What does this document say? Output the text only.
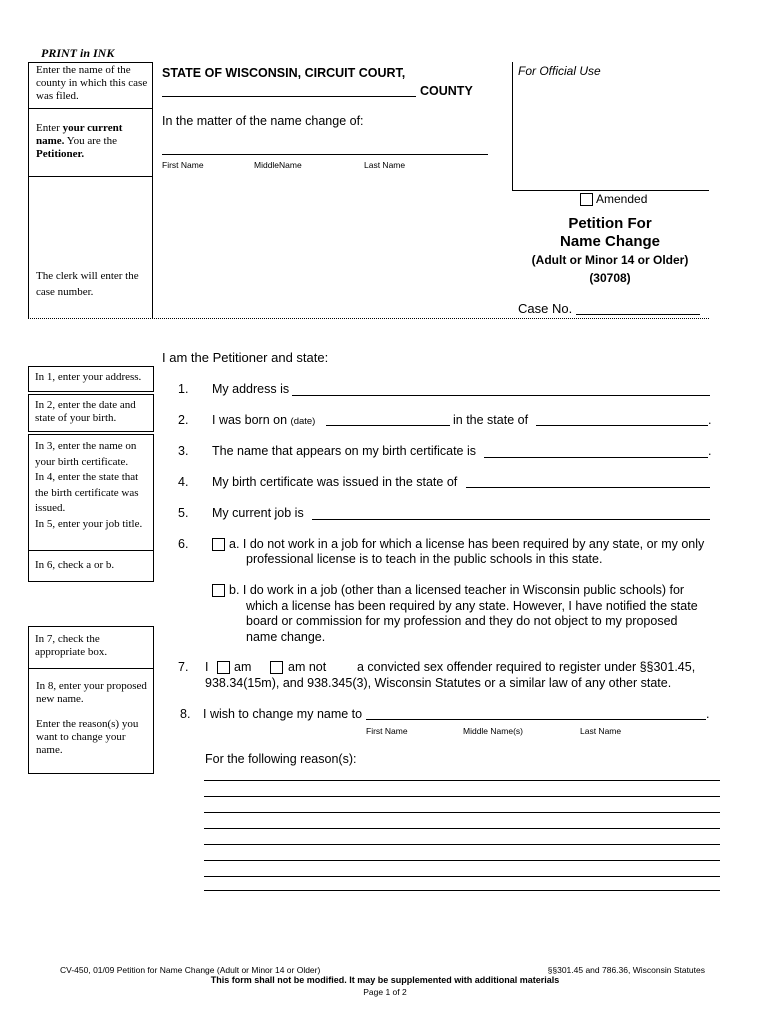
PRINT in INK
Enter the name of the county in which this case was filed.
Enter your current name. You are the Petitioner.
The clerk will enter the case number.
STATE OF WISCONSIN, CIRCUIT COURT,
COUNTY
For Official Use
In the matter of the name change of:
First Name	MiddleName	Last Name
Amended
Petition For
Name Change
(Adult or Minor 14 or Older)
(30708)
Case No.
I am the Petitioner and state:
In 1, enter your address.
In 2, enter the date and state of your birth.
In 3, enter the name on your birth certificate.
In 4, enter the state that the birth certificate was issued.
In 5, enter your job title.
In 6, check a or b.
In 7, check the appropriate box.
In 8, enter your proposed new name.
Enter the reason(s) you want to change your name.
1. My address is
2. I was born on (date)	in the state of	.
3. The name that appears on my birth certificate is	.
4. My birth certificate was issued in the state of
5. My current job is
6.	a. I do not work in a job for which a license has been required by any state, or my only
professional license is to teach in the public schools in this state.
b. I do work in a job (other than a licensed teacher in Wisconsin public schools) for
which a license has been required by any state. However, I have notified the state
board or commission for my profession and they do not object to my proposed
name change.
7. I am	am not a convicted sex offender required to register under §§301.45,
938.34(15m), and 938.345(3), Wisconsin Statutes or a similar law of any other state.
8. I wish to change my name to	.
First Name	Middle Name(s)	Last Name
For the following reason(s):
CV-450, 01/09 Petition for Name Change (Adult or Minor 14 or Older)	§§301.45 and 786.36, Wisconsin Statutes
This form shall not be modified. It may be supplemented with additional materials
Page 1 of 2
